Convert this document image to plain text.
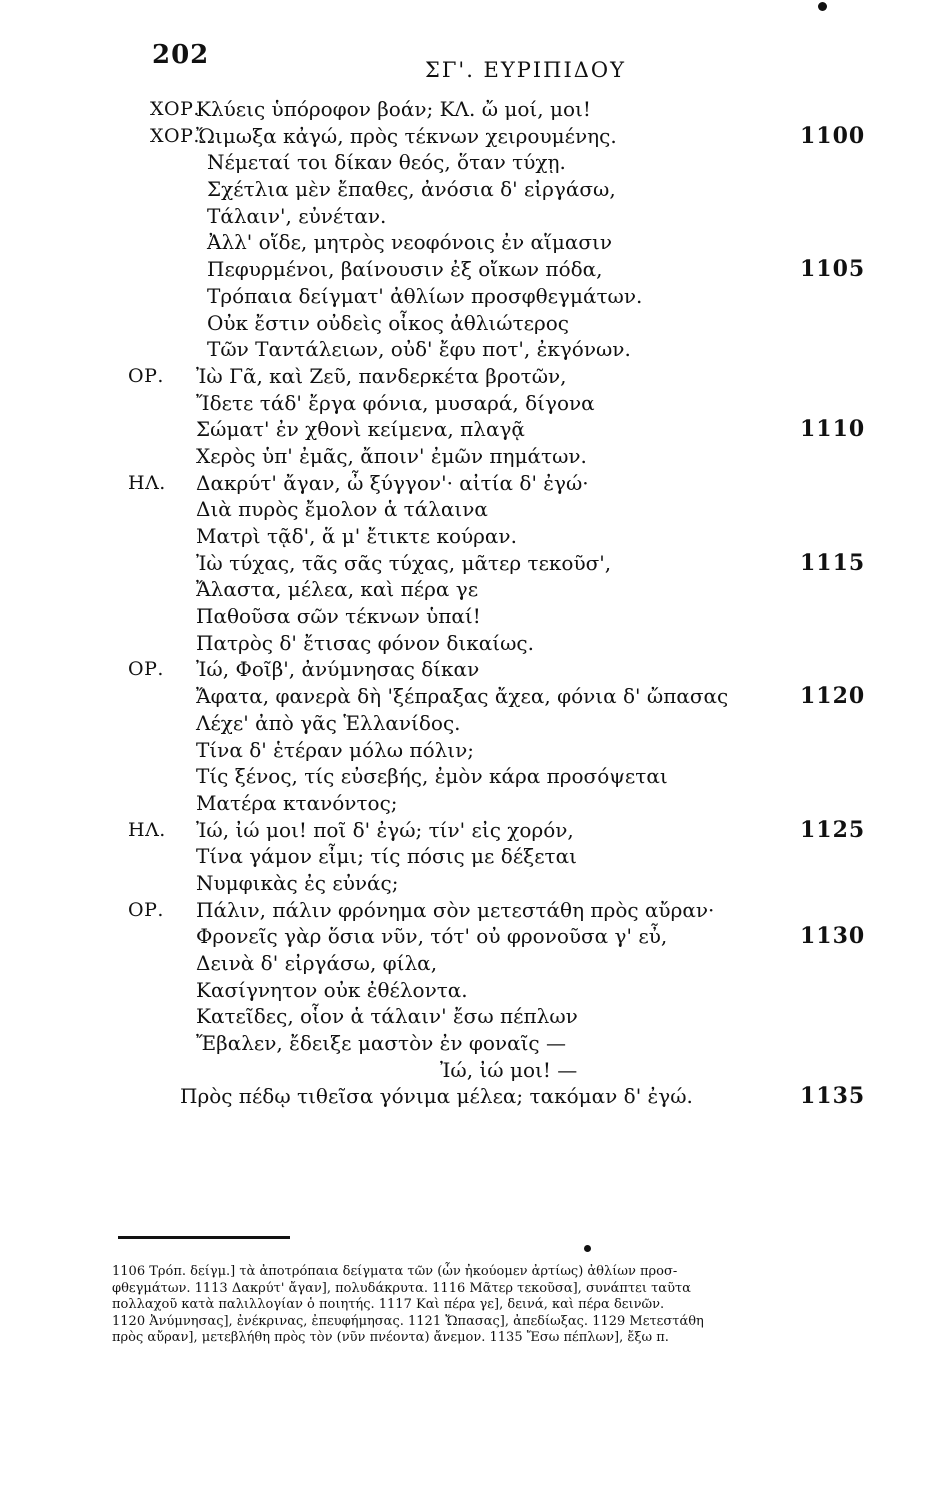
202	ΣΓ'. ΕΥΡΙΠΙΔΟΥ
ΧΟΡ.
Κλύεις ὑπόροφον βοάν; ΚΛ. ὤ μοί, μοι!
ΧΟΡ.
Ὤιμωξα κἀγώ, πρὸς τέκνων χειρουμένης.	1100
Νέμεταί τοι δίκαν θεός, ὅταν τύχῃ.
Σχέτλια μὲν ἔπαθες, ἀνόσια δ' εἰργάσω,
Τάλαιν', εὐνέταν.
Ἀλλ' οἵδε, μητρὸς νεοφόνοις ἐν αἵμασιν
Πεφυρμένοι, βαίνουσιν ἐξ οἴκων πόδα,	1105
Τρόπαια δείγματ' ἀθλίων προσφθεγμάτων.
Οὐκ ἔστιν οὐδεὶς οἶκος ἀθλιώτερος
Τῶν Ταντάλειων, οὐδ' ἔφυ ποτ', ἐκγόνων.
ΟΡ. Ἰὼ Γᾶ, καὶ Ζεῦ, πανδερκέτα βροτῶν,
Ἴδετε τάδ' ἔργα φόνια, μυσαρά, δίγονα
Σώματ' ἐν χθονὶ κείμενα, πλαγᾷ	1110
Χερὸς ὑπ' ἐμᾶς, ἄποιν' ἐμῶν πημάτων.
ΗΛ. Δακρύτ' ἄγαν, ὦ ξύγγον'· αἰτία δ' ἐγώ·
Διὰ πυρὸς ἔμολον ἁ τάλαινα
Ματρὶ τᾷδ', ἅ μ' ἔτικτε κούραν.
Ἰὼ τύχας, τᾶς σᾶς τύχας, μᾶτερ τεκοῦσ',	1115
Ἄλαστα, μέλεα, καὶ πέρα γε
Παθοῦσα σῶν τέκνων ὑπαί!
Πατρὸς δ' ἔτισας φόνον δικαίως.
ΟΡ. Ἰώ, Φοῖβ', ἀνύμνησας δίκαν
Ἄφατα, φανερὰ δὴ 'ξέπραξας ἄχεα, φόνια δ' ὤπασας	1120
Λέχε' ἀπὸ γᾶς Ἑλλανίδος.
Τίνα δ' ἑτέραν μόλω πόλιν;
Τίς ξένος, τίς εὐσεβής, ἐμὸν κάρα προσόψεται
Ματέρα κτανόντος;
ΗΛ. Ἰώ, ἰώ μοι! ποῖ δ' ἐγώ; τίν' εἰς χορόν,	1125
Τίνα γάμον εἶμι; τίς πόσις με δέξεται
Νυμφικὰς ἐς εὐνάς;
ΟΡ. Πάλιν, πάλιν φρόνημα σὸν μετεστάθη πρὸς αὔραν·
Φρονεῖς γὰρ ὅσια νῦν, τότ' οὐ φρονοῦσα γ' εὖ,	1130
Δεινὰ δ' εἰργάσω, φίλα,
Κασίγνητον οὐκ ἐθέλοντα.
Κατεῖδες, οἷον ἁ τάλαιν' ἔσω πέπλων
Ἔβαλεν, ἔδειξε μαστὸν ἐν φοναῖς —
Ἰώ, ἰώ μοι! —
Πρὸς πέδῳ τιθεῖσα γόνιμα μέλεα; τακόμαν δ' ἐγώ.	1135

1106 Τρόπ. δείγμ.] τὰ ἀποτρόπαια δείγματα τῶν (ὧν ἠκούομεν ἀρτίως) ἀθλίων προσ-

φθεγμάτων. 1113 Δακρύτ' ἄγαν], πολυδάκρυτα. 1116 Μᾶτερ τεκοῦσα], συνάπτει ταῦτα

πολλαχοῦ κατὰ παλιλλογίαν ὁ ποιητής. 1117 Καὶ πέρα γε], δεινά, καὶ πέρα δεινῶν.

1120 Ἀνύμνησας], ἐνέκρινας, ἐπευφήμησας. 1121 Ὤπασας], ἀπεδίωξας. 1129 Μετεστάθη

πρὸς αὔραν], μετεβλήθη πρὸς τὸν (νῦν πνέοντα) ἄνεμον. 1135 Ἔσω πέπλων], ἔξω π.
